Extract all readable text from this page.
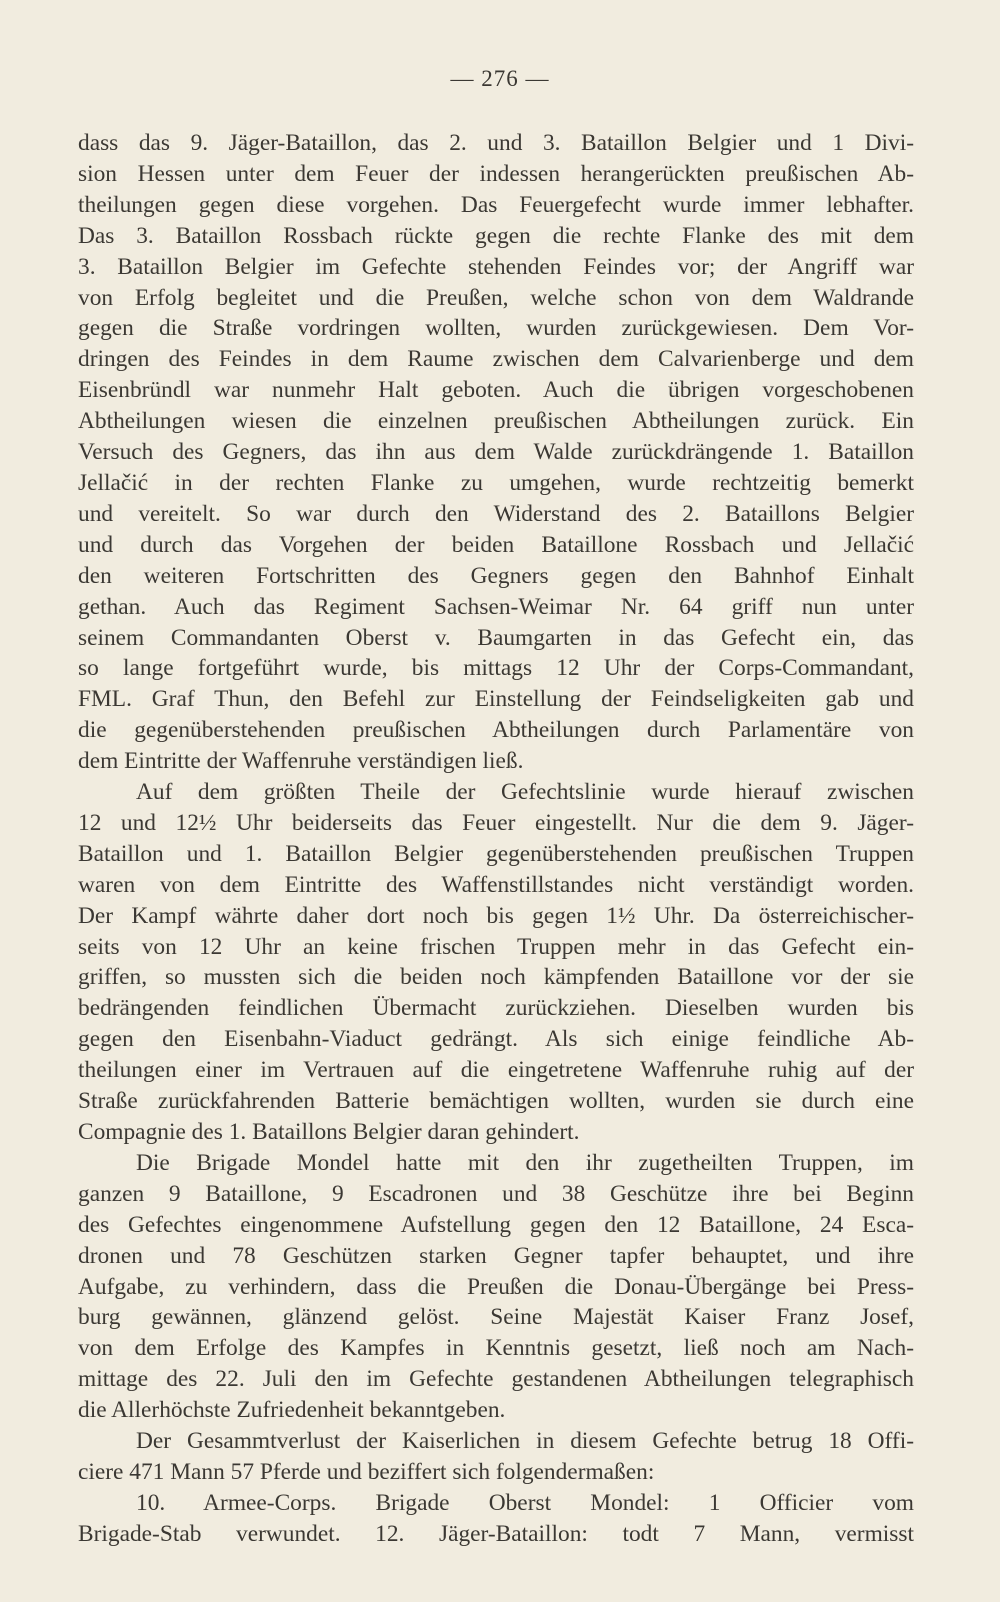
— 276 —
dass das 9. Jäger-Bataillon, das 2. und 3. Bataillon Belgier und 1 Divi-
sion Hessen unter dem Feuer der indessen herangerückten preußischen Ab-
theilungen gegen diese vorgehen. Das Feuergefecht wurde immer lebhafter.
Das 3. Bataillon Rossbach rückte gegen die rechte Flanke des mit dem
3. Bataillon Belgier im Gefechte stehenden Feindes vor; der Angriff war
von Erfolg begleitet und die Preußen, welche schon von dem Waldrande
gegen die Straße vordringen wollten, wurden zurückgewiesen. Dem Vor-
dringen des Feindes in dem Raume zwischen dem Calvarienberge und dem
Eisenbründl war nunmehr Halt geboten. Auch die übrigen vorgeschobenen
Abtheilungen wiesen die einzelnen preußischen Abtheilungen zurück. Ein
Versuch des Gegners, das ihn aus dem Walde zurückdrängende 1. Bataillon
Jellačić in der rechten Flanke zu umgehen, wurde rechtzeitig bemerkt
und vereitelt. So war durch den Widerstand des 2. Bataillons Belgier
und durch das Vorgehen der beiden Bataillone Rossbach und Jellačić
den weiteren Fortschritten des Gegners gegen den Bahnhof Einhalt
gethan. Auch das Regiment Sachsen-Weimar Nr. 64 griff nun unter
seinem Commandanten Oberst v. Baumgarten in das Gefecht ein, das
so lange fortgeführt wurde, bis mittags 12 Uhr der Corps-Commandant,
FML. Graf Thun, den Befehl zur Einstellung der Feindseligkeiten gab und
die gegenüberstehenden preußischen Abtheilungen durch Parlamentäre von
dem Eintritte der Waffenruhe verständigen ließ.
Auf dem größten Theile der Gefechtslinie wurde hierauf zwischen
12 und 12½ Uhr beiderseits das Feuer eingestellt. Nur die dem 9. Jäger-
Bataillon und 1. Bataillon Belgier gegenüberstehenden preußischen Truppen
waren von dem Eintritte des Waffenstillstandes nicht verständigt worden.
Der Kampf währte daher dort noch bis gegen 1½ Uhr. Da österreichischer-
seits von 12 Uhr an keine frischen Truppen mehr in das Gefecht ein-
griffen, so mussten sich die beiden noch kämpfenden Bataillone vor der sie
bedrängenden feindlichen Übermacht zurückziehen. Dieselben wurden bis
gegen den Eisenbahn-Viaduct gedrängt. Als sich einige feindliche Ab-
theilungen einer im Vertrauen auf die eingetretene Waffenruhe ruhig auf der
Straße zurückfahrenden Batterie bemächtigen wollten, wurden sie durch eine
Compagnie des 1. Bataillons Belgier daran gehindert.
Die Brigade Mondel hatte mit den ihr zugetheilten Truppen, im
ganzen 9 Bataillone, 9 Escadronen und 38 Geschütze ihre bei Beginn
des Gefechtes eingenommene Aufstellung gegen den 12 Bataillone, 24 Esca-
dronen und 78 Geschützen starken Gegner tapfer behauptet, und ihre
Aufgabe, zu verhindern, dass die Preußen die Donau-Übergänge bei Press-
burg gewännen, glänzend gelöst. Seine Majestät Kaiser Franz Josef,
von dem Erfolge des Kampfes in Kenntnis gesetzt, ließ noch am Nach-
mittage des 22. Juli den im Gefechte gestandenen Abtheilungen telegraphisch
die Allerhöchste Zufriedenheit bekanntgeben.
Der Gesammtverlust der Kaiserlichen in diesem Gefechte betrug 18 Offi-
ciere 471 Mann 57 Pferde und beziffert sich folgendermaßen:
10. Armee-Corps. Brigade Oberst Mondel: 1 Officier vom
Brigade-Stab verwundet. 12. Jäger-Bataillon: todt 7 Mann, vermisst
